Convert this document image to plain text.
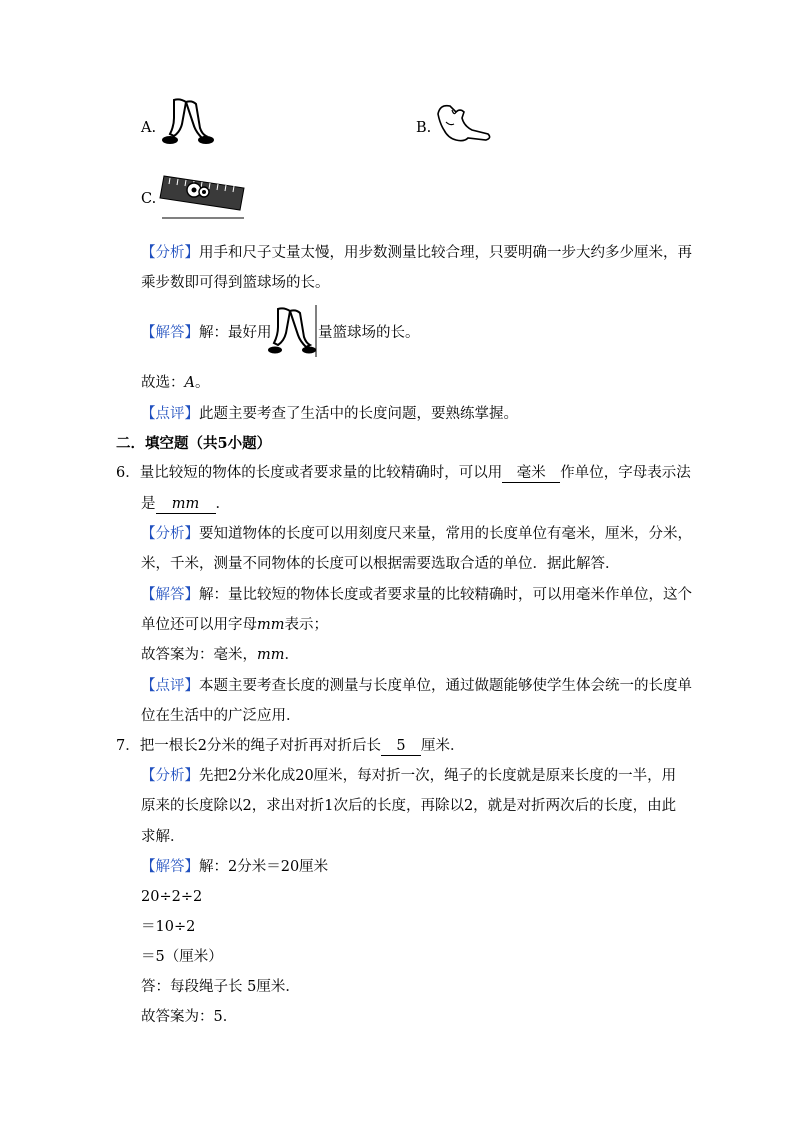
A.	B.
C.
【分析】用手和尺子丈量太慢，用步数测量比较合理，只要明确一步大约多少厘米，再
乘步数即可得到篮球场的长。
【解答】解：最好用	量篮球场的长。
故选：A。
【点评】此题主要考查了生活中的长度问题，要熟练掌握。
二．填空题（共5小题）
6．量比较短的物体的长度或者要求量的比较精确时，可以用 毫米 作单位，字母表示法
是 mm ．
【分析】要知道物体的长度可以用刻度尺来量，常用的长度单位有毫米，厘米，分米，
米，千米，测量不同物体的长度可以根据需要选取合适的单位．据此解答．
【解答】解：量比较短的物体长度或者要求量的比较精确时，可以用毫米作单位，这个
单位还可以用字母mm表示；
故答案为：毫米，mm．
【点评】本题主要考查长度的测量与长度单位，通过做题能够使学生体会统一的长度单
位在生活中的广泛应用．
7．把一根长2分米的绳子对折再对折后长 5 厘米．
【分析】先把2分米化成20厘米，每对折一次，绳子的长度就是原来长度的一半，用
原来的长度除以2，求出对折1次后的长度，再除以2，就是对折两次后的长度，由此
求解．
【解答】解：2分米＝20厘米
20÷2÷2
＝10÷2
＝5（厘米）
答：每段绳子长 5厘米．
故答案为：5．
